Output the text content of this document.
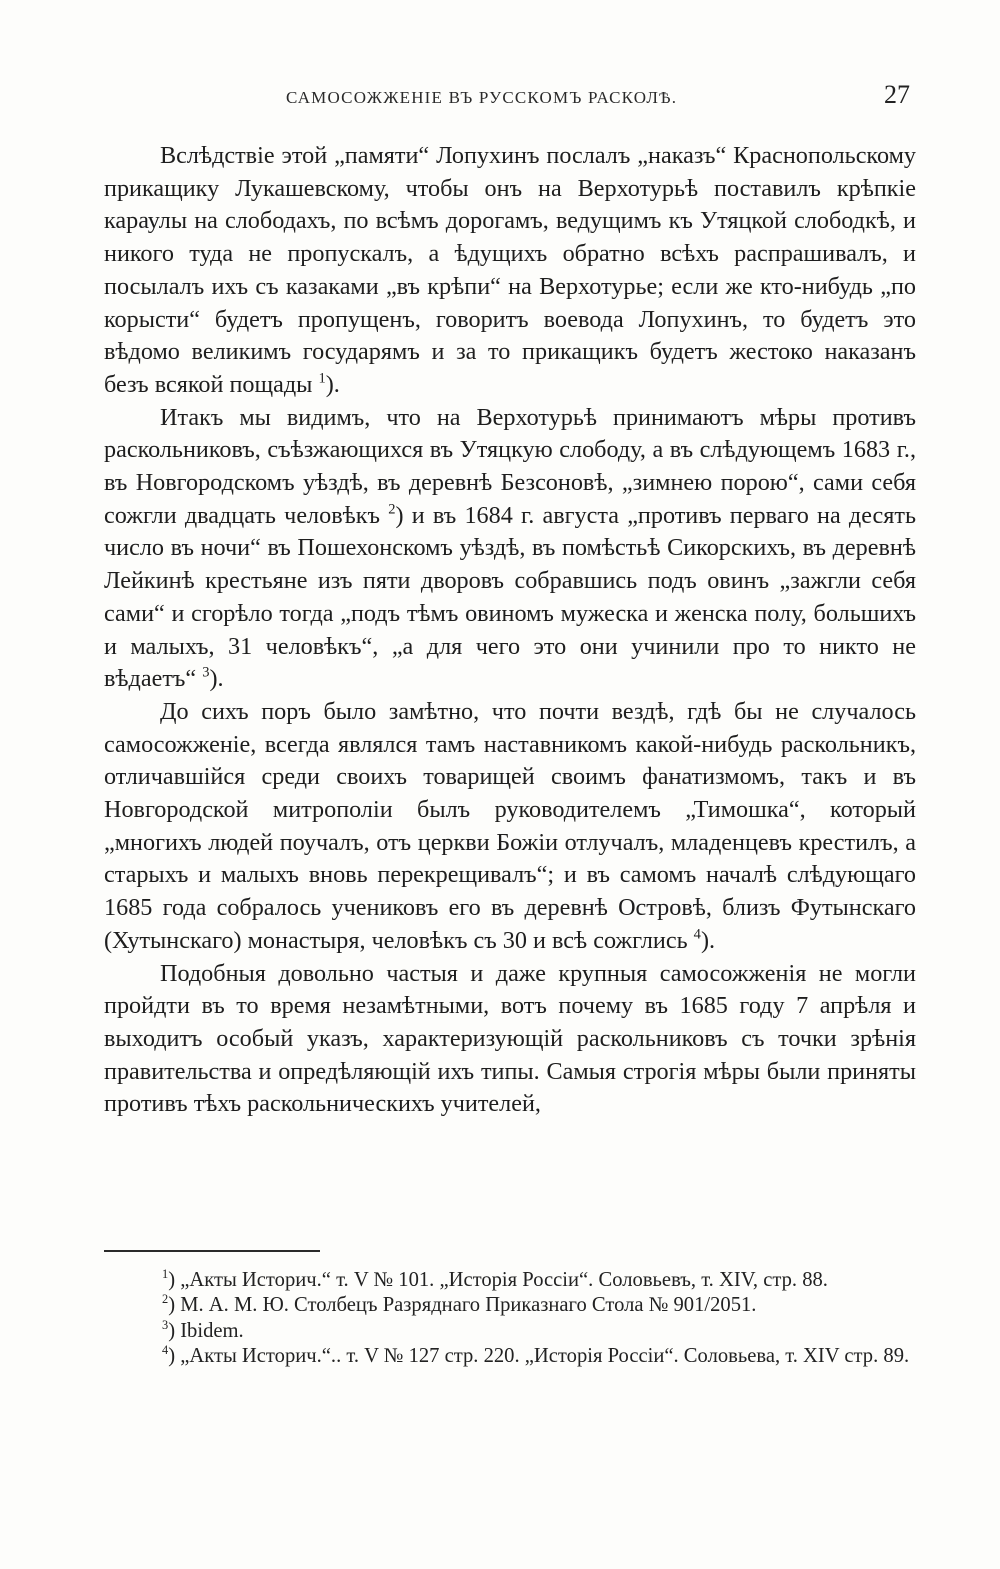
САМОСОЖЖЕНІЕ ВЪ РУССКОМЪ РАСКОЛѢ.	27

Вслѣдствіе этой „памяти“ Лопухинъ послалъ „наказъ“ Краснопольскому прикащику Лукашевскому, чтобы онъ на Верхотурьѣ поставилъ крѣпкіе караулы на слободахъ, по всѣмъ дорогамъ, ведущимъ къ Утяцкой слободкѣ, и никого туда не пропускалъ, а ѣдущихъ обратно всѣхъ распрашивалъ, и посылалъ ихъ съ казаками „въ крѣпи“ на Верхотурье; если же кто-нибудь „по корысти“ будетъ пропущенъ, говоритъ воевода Лопухинъ, то будетъ это вѣдомо великимъ государямъ и за то прикащикъ будетъ жестоко наказанъ безъ всякой пощады $^1$).

Итакъ мы видимъ, что на Верхотурьѣ принимаютъ мѣры противъ раскольниковъ, съѣзжающихся въ Утяцкую слободу, а въ слѣдующемъ 1683 г., въ Новгородскомъ уѣздѣ, въ деревнѣ Безсоновѣ, „зимнею порою“, сами себя сожгли двадцать человѣкъ $^2$) и въ 1684 г. августа „противъ перваго на десять число въ ночи“ въ Пошехонскомъ уѣздѣ, въ помѣстьѣ Сикорскихъ, въ деревнѣ Лейкинѣ крестьяне изъ пяти дворовъ собравшись подъ овинъ „зажгли себя сами“ и сгорѣло тогда „подъ тѣмъ овиномъ мужеска и женска полу, большихъ и малыхъ, 31 человѣкъ“, „а для чего это они учинили про то никто не вѣдаетъ“ $^3$).

До сихъ поръ было замѣтно, что почти вездѣ, гдѣ бы не случалось самосожженіе, всегда являлся тамъ наставникомъ какой-нибудь раскольникъ, отличавшійся среди своихъ товарищей своимъ фанатизмомъ, такъ и въ Новгородской митрополіи былъ руководителемъ „Тимошка“, который „многихъ людей поучалъ, отъ церкви Божіи отлучалъ, младенцевъ крестилъ, а старыхъ и малыхъ вновь перекрещивалъ“; и въ самомъ началѣ слѣдующаго 1685 года собралось учениковъ его въ деревнѣ Островѣ, близъ Футынскаго (Хутынскаго) монастыря, человѣкъ съ 30 и всѣ сожглись $^4$).

Подобныя довольно частыя и даже крупныя самосожженія не могли пройдти въ то время незамѣтными, вотъ почему въ 1685 году 7 апрѣля и выходитъ особый указъ, характеризующій раскольниковъ съ точки зрѣнія правительства и опредѣляющій ихъ типы. Самыя строгія мѣры были приняты противъ тѣхъ раскольническихъ учителей,

$^1$) „Акты Историч.“ т. V № 101. „Исторія Россіи“. Соловьевъ, т. XIV, стр. 88.

$^2$) М. А. М. Ю. Столбецъ Разряднаго Приказнаго Стола № 901/2051.

$^3$) Ibidem.

$^4$) „Акты Историч.“.. т. V № 127 стр. 220. „Исторія Россіи“. Соловьева, т. XIV стр. 89.
